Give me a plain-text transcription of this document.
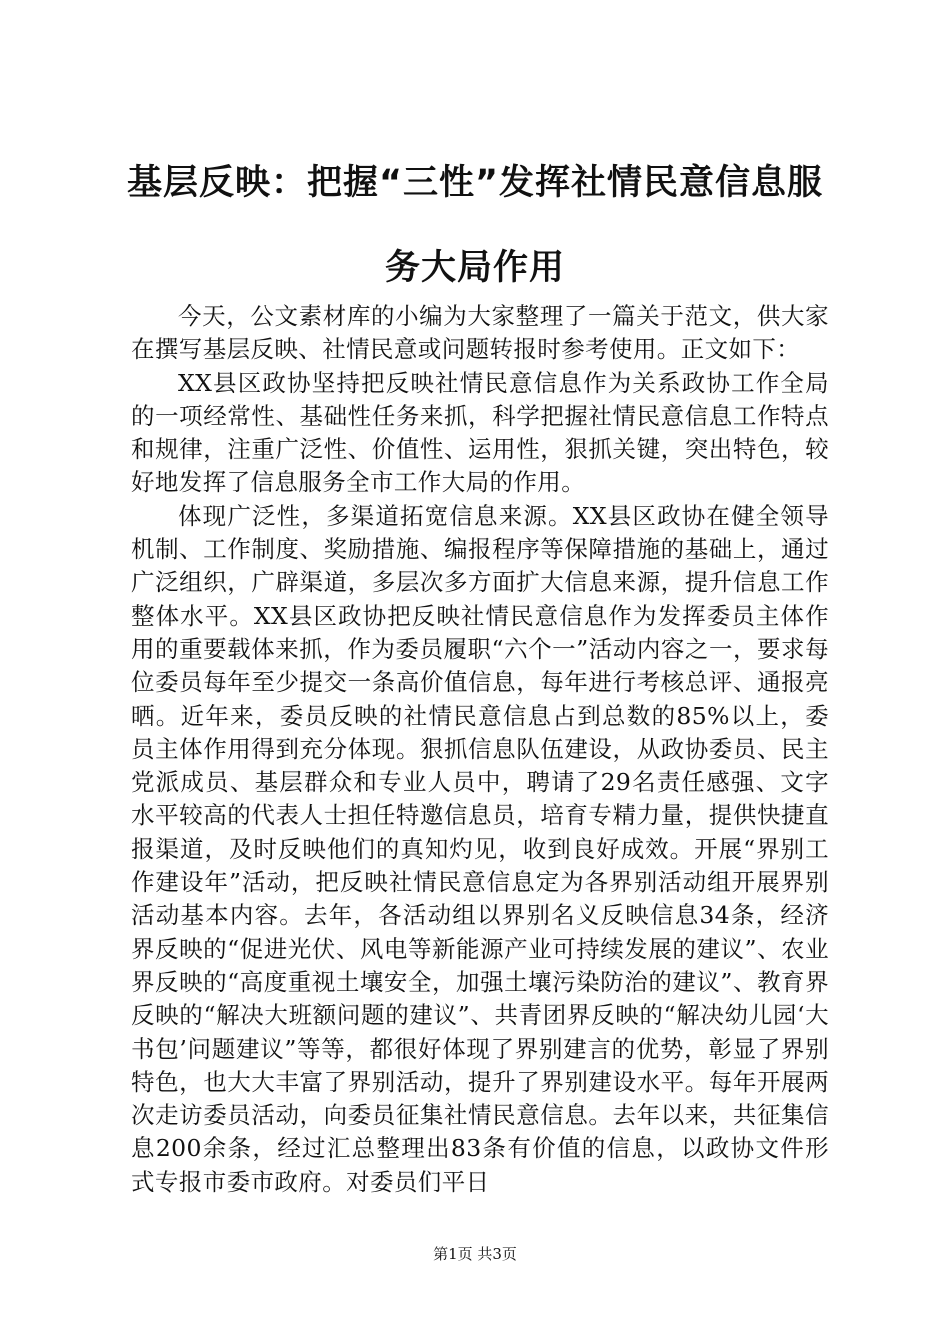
基层反映：把握“三性”发挥社情民意信息服
务大局作用

今天，公文素材库的小编为大家整理了一篇关于范文，供大家在撰写基层反映、社情民意或问题转报时参考使用。正文如下：

XX县区政协坚持把反映社情民意信息作为关系政协工作全局的一项经常性、基础性任务来抓，科学把握社情民意信息工作特点和规律，注重广泛性、价值性、运用性，狠抓关键，突出特色，较好地发挥了信息服务全市工作大局的作用。

体现广泛性，多渠道拓宽信息来源。XX县区政协在健全领导机制、工作制度、奖励措施、编报程序等保障措施的基础上，通过广泛组织，广辟渠道，多层次多方面扩大信息来源，提升信息工作整体水平。XX县区政协把反映社情民意信息作为发挥委员主体作用的重要载体来抓，作为委员履职“六个一”活动内容之一，要求每位委员每年至少提交一条高价值信息，每年进行考核总评、通报亮晒。近年来，委员反映的社情民意信息占到总数的85%以上，委员主体作用得到充分体现。狠抓信息队伍建设，从政协委员、民主党派成员、基层群众和专业人员中，聘请了29名责任感强、文字水平较高的代表人士担任特邀信息员，培育专精力量，提供快捷直报渠道，及时反映他们的真知灼见，收到良好成效。开展“界别工作建设年”活动，把反映社情民意信息定为各界别活动组开展界别活动基本内容。去年，各活动组以界别名义反映信息34条，经济界反映的“促进光伏、风电等新能源产业可持续发展的建议”、农业界反映的“高度重视土壤安全，加强土壤污染防治的建议”、教育界反映的“解决大班额问题的建议”、共青团界反映的“解决幼儿园‘大书包’问题建议”等等，都很好体现了界别建言的优势，彰显了界别特色，也大大丰富了界别活动，提升了界别建设水平。每年开展两次走访委员活动，向委员征集社情民意信息。去年以来，共征集信息200余条，经过汇总整理出83条有价值的信息，以政协文件形式专报市委市政府。对委员们平日

第1页 共3页
